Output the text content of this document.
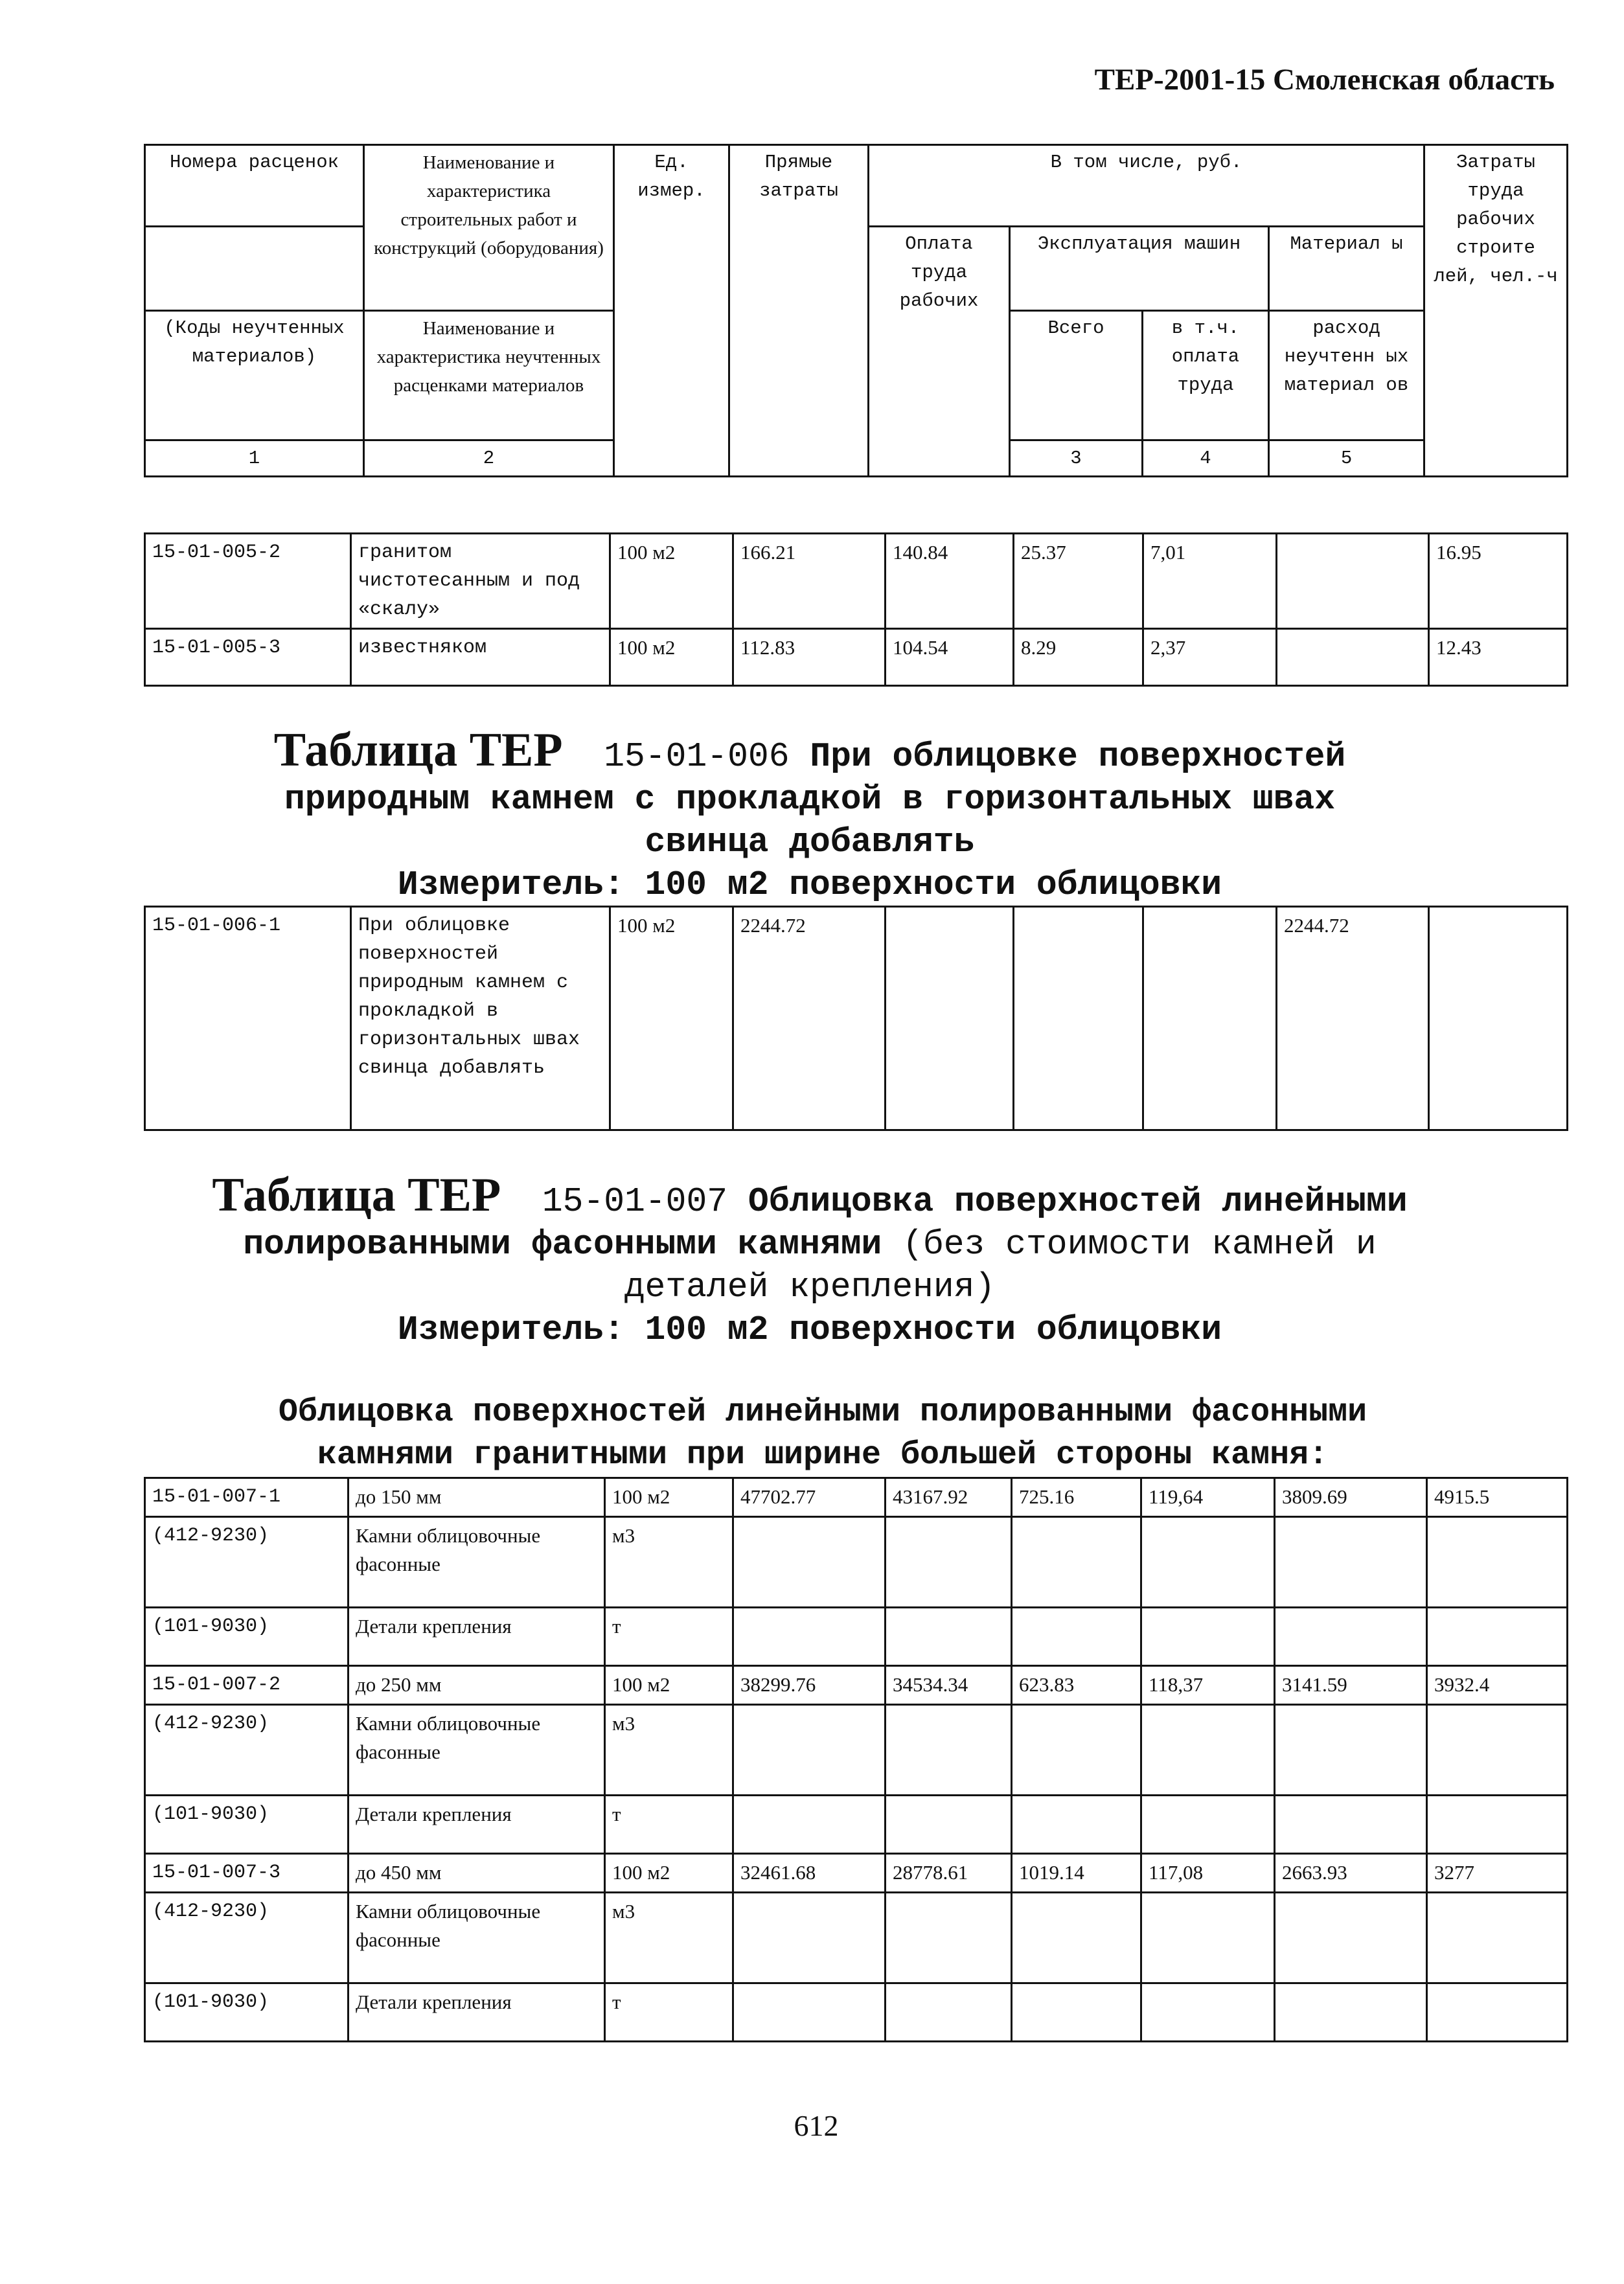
ТЕР-2001-15 Смоленская область
Номера расценок	Наименование и характеристика строительных работ и конструкций (оборудования)	Ед. измер.	Прямые затраты	В том числе, руб.				Затраты труда рабочих строите лей, чел.-ч	
				Оплата труда рабочих	Эксплуатация машин		Материал ы		
(Коды неучтенных материалов)	Наименование и характеристика неучтенных расценками материалов				Всего	в т.ч. оплата труда	расход неучтенн ых материал ов		
1	2				3	4	5				
15-01-005-2	гранитом чистотесанным и под «скалу»	100 м2	166.21	140.84	25.37	7,01		16.95
15-01-005-3	известняком	100 м2	112.83	104.54	8.29	2,37		12.43
Таблица ТЕР 15-01-006 При облицовке поверхностей
природным камнем с прокладкой в горизонтальных швах
свинца добавлять
Измеритель: 100 м2 поверхности облицовки
15-01-006-1	При облицовке поверхностей природным камнем с прокладкой в горизонтальных швах свинца добавлять	100 м2	2244.72				2244.72	
Таблица ТЕР 15-01-007 Облицовка поверхностей линейными
полированными фасонными камнями (без стоимости камней и
деталей крепления)
Измеритель: 100 м2 поверхности облицовки
Облицовка поверхностей линейными полированными фасонными
камнями гранитными при ширине большей стороны камня:
15-01-007-1	до 150 мм	100 м2	47702.77	43167.92	725.16	119,64	3809.69	4915.5
(412-9230)	Камни облицовочные фасонные	м3						
(101-9030)	Детали крепления	т						
15-01-007-2	до 250 мм	100 м2	38299.76	34534.34	623.83	118,37	3141.59	3932.4
(412-9230)	Камни облицовочные фасонные	м3						
(101-9030)	Детали крепления	т						
15-01-007-3	до 450 мм	100 м2	32461.68	28778.61	1019.14	117,08	2663.93	3277
(412-9230)	Камни облицовочные фасонные	м3						
(101-9030)	Детали крепления	т						
612
